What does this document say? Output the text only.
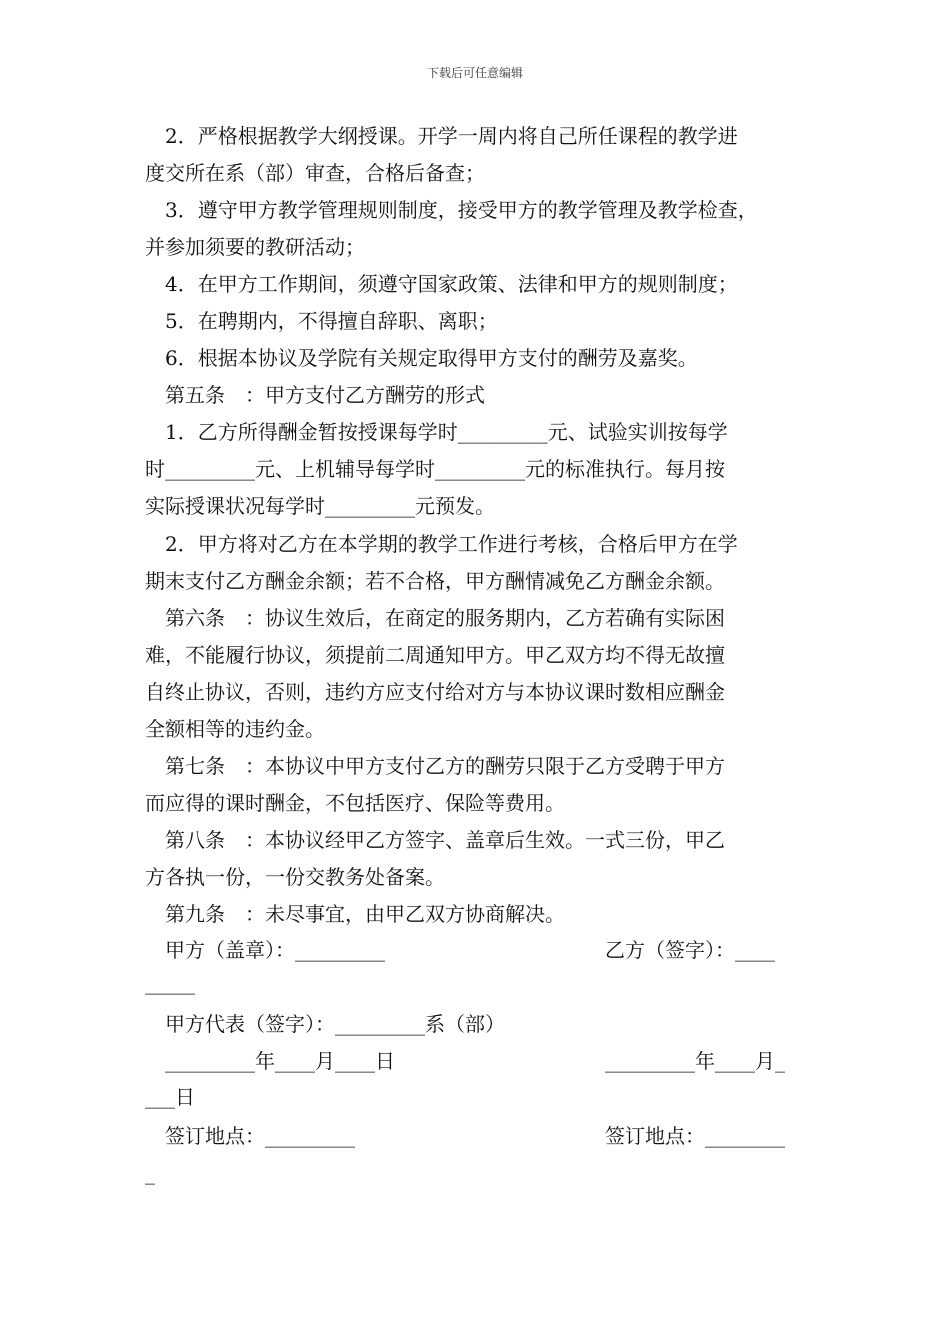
下载后可任意编辑
2．严格根据教学大纲授课。开学一周内将自己所任课程的教学进
度交所在系（部）审查，合格后备查；
3．遵守甲方教学管理规则制度，接受甲方的教学管理及教学检查，
并参加须要的教研活动；
4．在甲方工作期间，须遵守国家政策、法律和甲方的规则制度；
5．在聘期内，不得擅自辞职、离职；
6．根据本协议及学院有关规定取得甲方支付的酬劳及嘉奖。
第五条　：甲方支付乙方酬劳的形式
1．乙方所得酬金暂按授课每学时_________元、试验实训按每学
时_________元、上机辅导每学时_________元的标准执行。每月按
实际授课状况每学时_________元预发。
2．甲方将对乙方在本学期的教学工作进行考核，合格后甲方在学
期末支付乙方酬金余额；若不合格，甲方酬情减免乙方酬金余额。
第六条　：协议生效后，在商定的服务期内，乙方若确有实际困
难，不能履行协议，须提前二周通知甲方。甲乙双方均不得无故擅
自终止协议，否则，违约方应支付给对方与本协议课时数相应酬金
全额相等的违约金。
第七条　：本协议中甲方支付乙方的酬劳只限于乙方受聘于甲方
而应得的课时酬金，不包括医疗、保险等费用。
第八条　：本协议经甲乙方签字、盖章后生效。一式三份，甲乙
方各执一份，一份交教务处备案。
第九条　：未尽事宜，由甲乙双方协商解决。
甲方（盖章）：_________	乙方（签字）：____
_____
甲方代表（签字）：_________系（部）
_________年____月____日	_________年____月_
___日
签订地点：_________	签订地点：________
_
